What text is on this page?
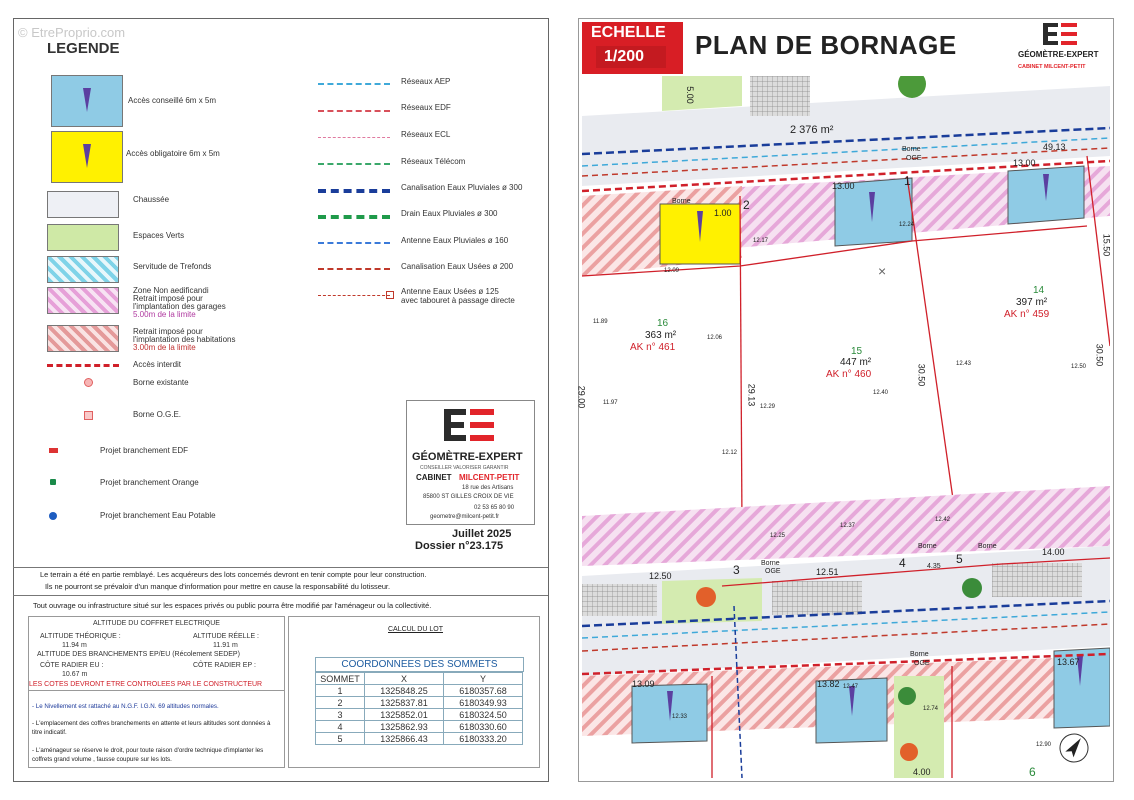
© EtreProprio.com
LEGENDE
Accès conseillé 6m x 5m
Accès obligatoire 6m x 5m
Chaussée
Espaces Verts
Servitude de Trefonds
Zone Non aedificandi
Retrait imposé pour
l'implantation des garages
5.00m de la limite
Retrait imposé pour
l'implantation des habitations
3.00m de la limite
Accès interdit
Borne existante
Borne O.G.E.
Projet branchement EDF
Projet branchement Orange
Projet branchement Eau Potable
Réseaux AEP
Réseaux EDF
Réseaux ECL
Réseaux Télécom
Canalisation Eaux Pluviales ø 300
Drain Eaux Pluviales ø 300
Antenne Eaux Pluviales ø 160
Canalisation Eaux Usées ø 200
Antenne Eaux Usées ø 125
avec tabouret à passage directe
GÉOMÈTRE-EXPERT
CONSEILLER VALORISER GARANTIR
CABINET MILCENT-PETIT
18 rue des Artisans
85800 ST GILLES CROIX DE VIE
02 53 65 80 90
geometre@milcent-petit.fr
Juillet 2025
Dossier n°23.175
Le terrain a été en partie remblayé. Les acquéreurs des lots concernés devront en tenir compte pour leur construction.
Ils ne pourront se prévaloir d'un manque d'information pour mettre en cause la responsabilité du lotisseur.
Tout ouvrage ou infrastructure situé sur les espaces privés ou public pourra être modifié par l'aménageur ou la collectivité.
ALTITUDE DU COFFRET ELECTRIQUE
ALTITUDE THÉORIQUE :
11.94 m
ALTITUDE RÉELLE :
11.91 m
ALTITUDE DES BRANCHEMENTS EP/EU (Récolement SEDEP)
CÔTE RADIER EU :
10.67 m
CÔTE RADIER EP :
LES COTES DEVRONT ETRE CONTROLEES PAR LE CONSTRUCTEUR
- Le Nivellement est rattaché au N.G.F. I.G.N. 69 altitudes normales.
- L'emplacement des coffres branchements en attente et leurs altitudes sont données à titre indicatif.
- L'aménageur se réserve le droit, pour toute raison d'ordre technique d'implanter les coffrets grand volume , fausse coupure sur les lots.
CALCUL DU LOT
COORDONNEES DES SOMMETS
SOMMET	X	Y
1	1325848.25	6180357.68
2	1325837.81	6180349.93
3	1325852.01	6180324.50
4	1325862.93	6180330.60
5	1325866.43	6180333.20
ECHELLE
1/200 PLAN DE BORNAGE	GÉOMÈTRE-EXPERT
CABINET MILCENT-PETIT
×
2 376 m²
16
363 m²
AK n° 461	15
447 m²
AK n° 460
14
397 m²
AK n° 459
1
2
3	4	5
6
Borne
OGE
Borne
Borne
OGE
Borne	Borne
Borne
OGE
49.13
13.00
13.00
1.00
29.13
30.50
30.50
15.50
29.00
12.50	12.51
13.09	13.82
13.67
4.35
4.00
5.00
14.00
11.89
11.97
12.06
12.12
12.29
12.40
12.43	12.50
12.24
12.17
12.09
12.25
12.37
12.42
12.33
12.47
12.74
12.90
